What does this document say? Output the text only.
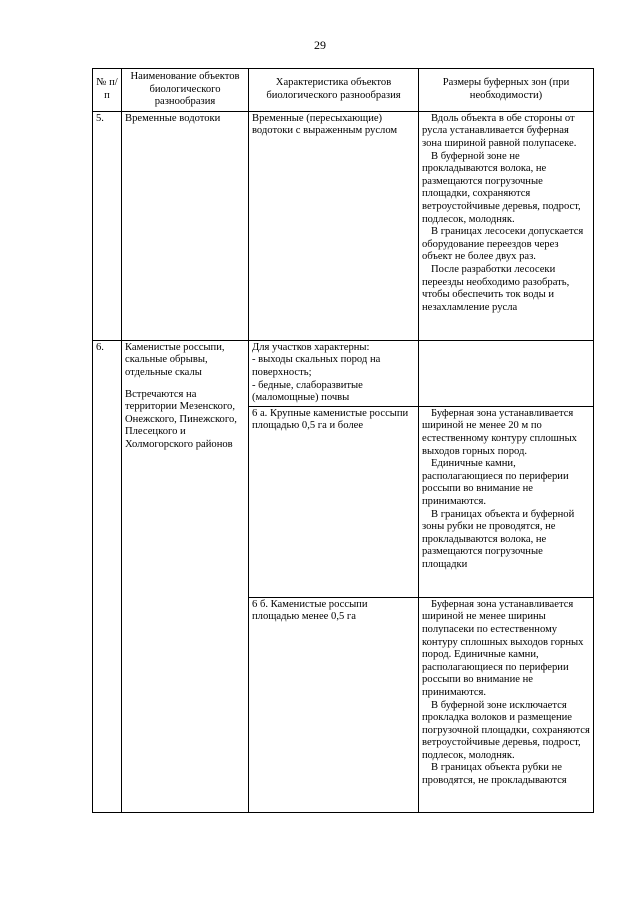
29
№ п/п	Наименование объектов биологического разнообразия	Характеристика объектов биологического разнообразия	Размеры буферных зон (при необходимости)
5.	Временные водотоки	Временные (пересыхающие) водотоки с выраженным руслом	Вдоль объекта в обе стороны от русла устанавливается буферная зона шириной равной полупасеке.
В буферной зоне не прокладываются волока, не размещаются погрузочные площадки, сохраняются ветроустойчивые деревья, подрост, подлесок, молодняк.
В границах лесосеки допускается оборудование переездов через объект не более двух раз.
После разработки лесосеки переезды необходимо разобрать, чтобы обеспечить ток воды и незахламление русла

6.	Каменистые россыпи, скальные обрывы, отдельные скалы
Встречаются на территории Мезенского, Онежского, Пинежского, Плесецкого и Холмогорского районов	Для участков характерны:
- выходы скальных пород на поверхность;
- бедные, слаборазвитые (маломощные) почвы	

		6 а. Крупные каменистые россыпи площадью 0,5 га и более	Буферная зона устанавливается шириной не менее 20 м по естественному контуру сплошных выходов горных пород.
Единичные камни, располагающиеся по периферии россыпи во внимание не принимаются.
В границах объекта и буферной зоны рубки не проводятся, не прокладываются волока, не размещаются погрузочные площадки

		6 б. Каменистые россыпи площадью менее 0,5 га	Буферная зона устанавливается шириной не менее ширины полупасеки по естественному контуру сплошных выходов горных пород. Единичные камни, располагающиеся по периферии россыпи во внимание не принимаются.
В буферной зоне исключается прокладка волоков и размещение погрузочной площадки, сохраняются ветроустойчивые деревья, подрост, подлесок, молодняк.
В границах объекта рубки не проводятся, не прокладываются
